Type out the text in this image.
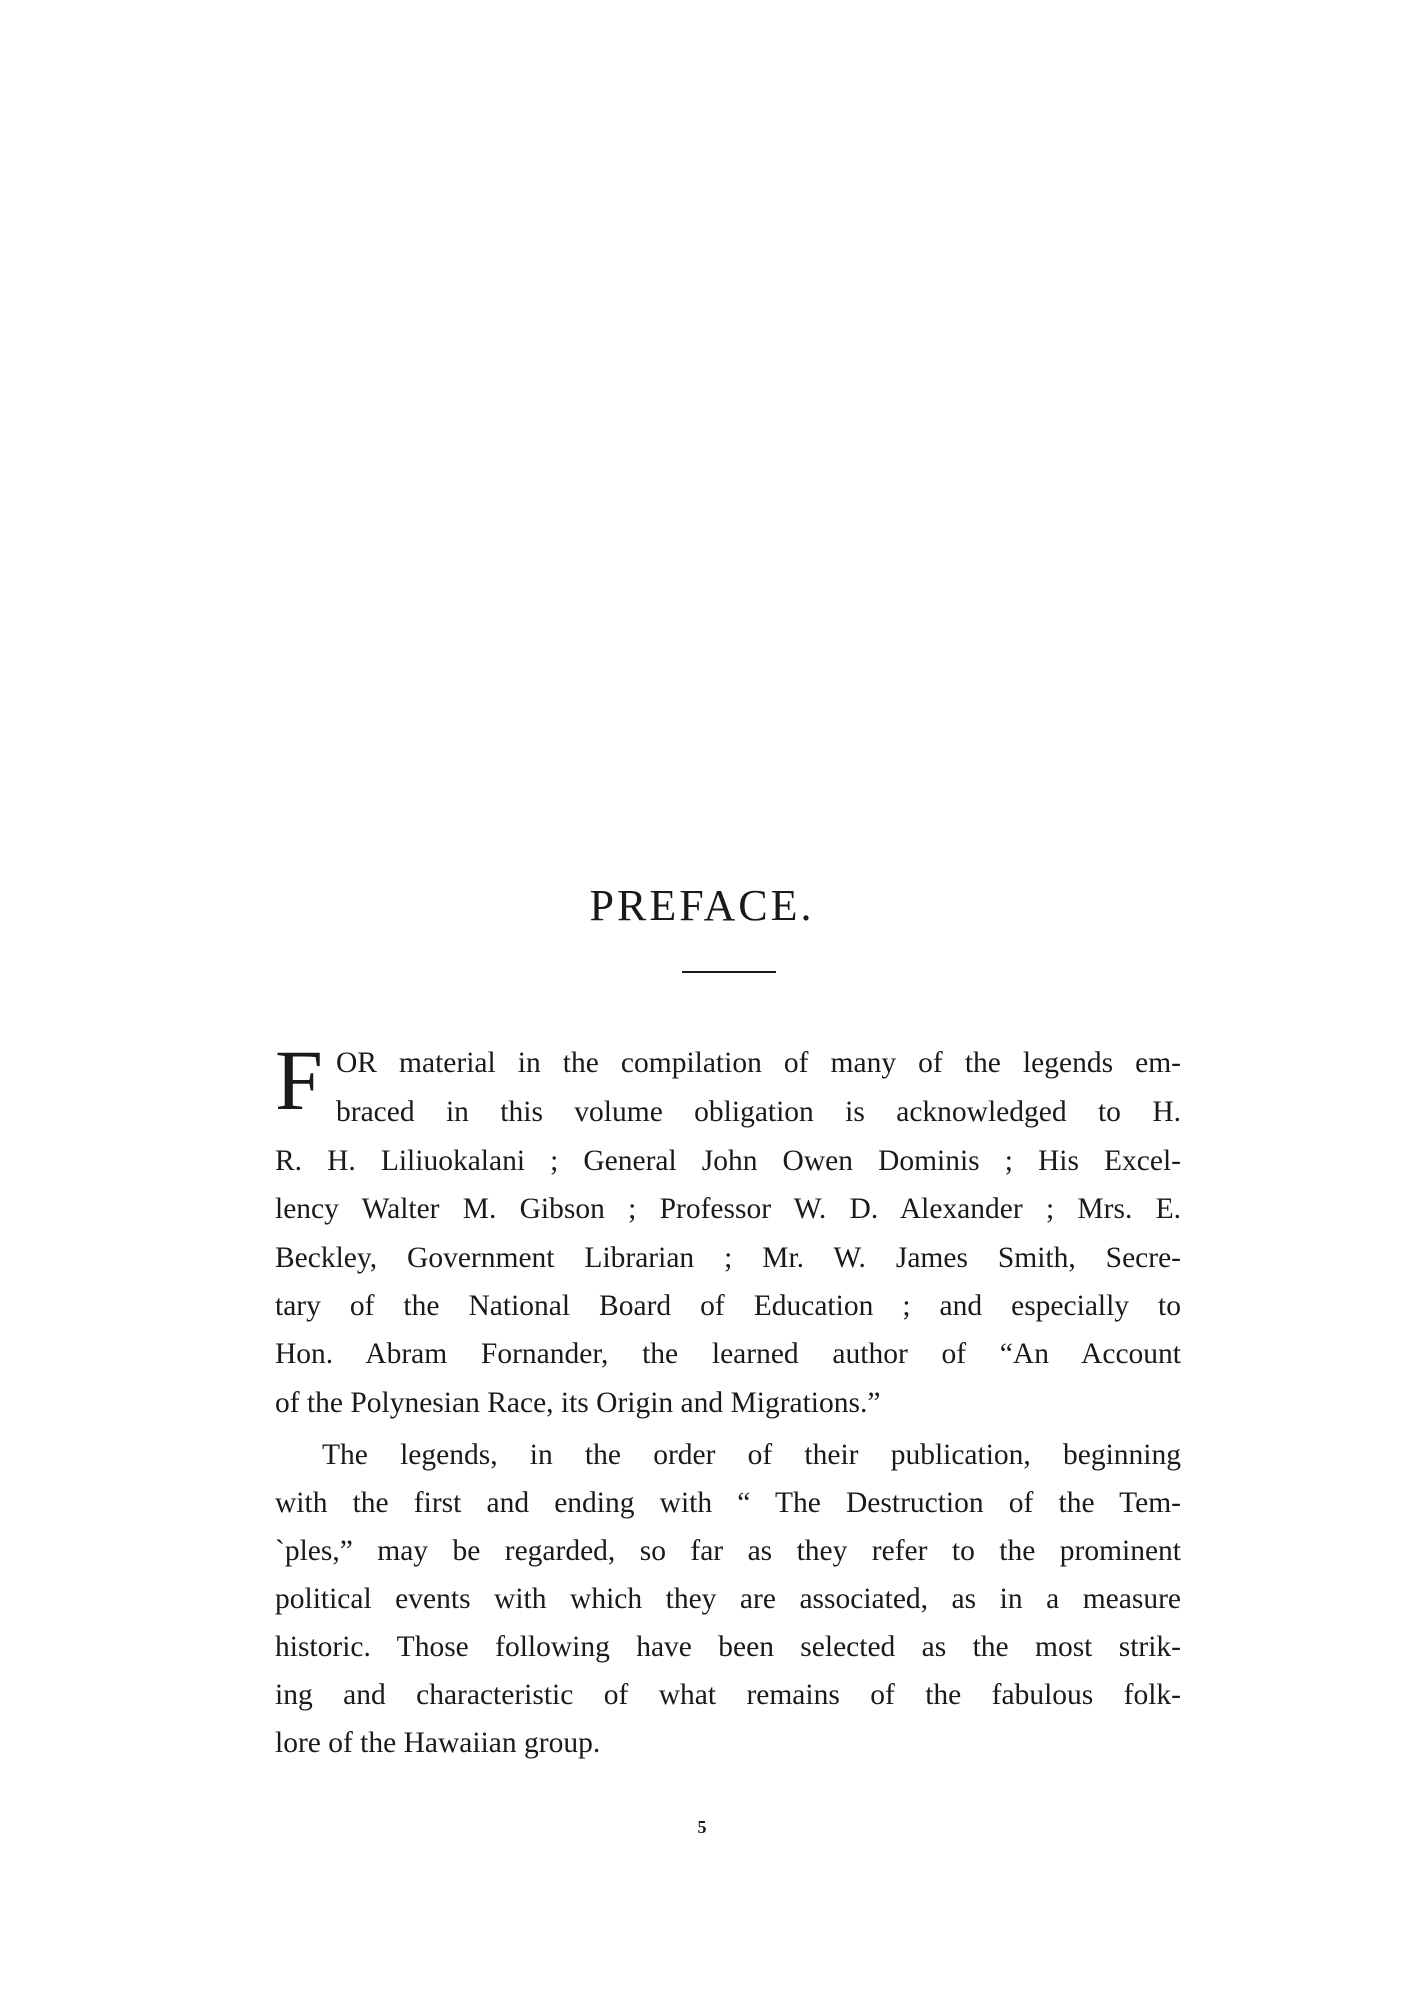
PREFACE.
F OR material in the compilation of many of the legends em-
braced in this volume obligation is acknowledged to H.
R. H. Liliuokalani ; General John Owen Dominis ; His Excel-
lency Walter M. Gibson ; Professor W. D. Alexander ; Mrs. E.
Beckley, Government Librarian ; Mr. W. James Smith, Secre-
tary of the National Board of Education ; and especially to
Hon. Abram Fornander, the learned author of “An Account
of the Polynesian Race, its Origin and Migrations.”
The legends, in the order of their publication, beginning
with the first and ending with “ The Destruction of the Tem-
`ples,” may be regarded, so far as they refer to the prominent
political events with which they are associated, as in a measure
historic. Those following have been selected as the most strik-
ing and characteristic of what remains of the fabulous folk-
lore of the Hawaiian group.
5
